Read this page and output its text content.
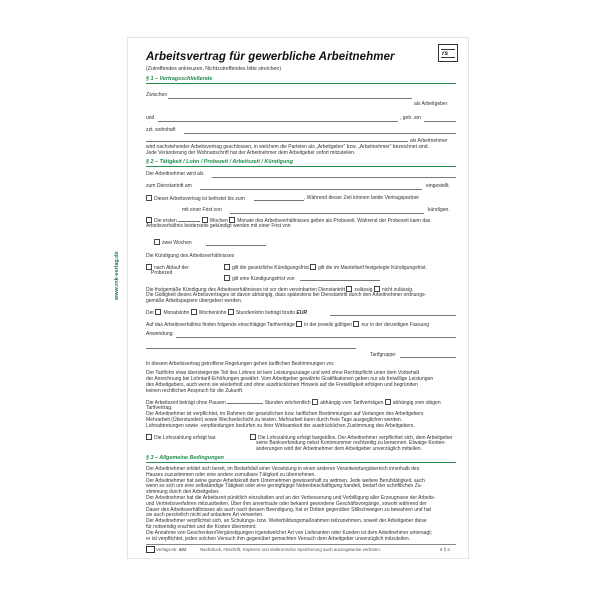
www.rnk-verlag.de
Arbeitsvertrag für gewerbliche Arbeitnehmer
(Zutreffendes ankreuzen, Nichtzutreffendes bitte streichen)
rs
§ 1 – Vertragsschließende
Zwischen
als Arbeitgeber
und	, geb. am
zzt. wohnhaft
als Arbeitnehmer
wird nachstehender Arbeitsvertrag geschlossen, in welchem die Parteien als „Arbeitgeber“ bzw. „Arbeitnehmer“ bezeichnet sind.
Jede Veränderung der Wohnanschrift hat der Arbeitnehmer dem Arbeitgeber sofort mitzuteilen.
§ 2 – Tätigkeit / Lohn / Probezeit / Arbeitszeit / Kündigung
Der Arbeitnehmer wird als
zum Dienstantritt am	eingestellt.
Dieser Arbeitsvertrag ist befristet bis zum	. Während dieser Zeit können beide Vertragspartner
mit einer Frist von	kündigen.
Die ersten	Wochen Monate des Arbeitsverhältnisses gelten als Probezeit. Während der Probezeit kann das
Arbeitsverhältnis beiderseits gekündigt werden mit einer Frist von
zwei Wochen
Die Kündigung des Arbeitsverhältnisses
nach Ablauf der
Probezeit
gilt die gesetzliche Kündigungsfrist.	gilt die im Manteltarif festgelegte Kündigungsfrist.
gilt eine Kündigungsfrist von
Die fristgemäße Kündigung des Arbeitsverhältnisses ist vor dem vereinbarten Dienstantritt zulässig nicht zulässig.
Die Gültigkeit dieses Arbeitsvertrages ist davon abhängig, dass spätestens bei Dienstantritt durch den Arbeitnehmer ordnungs-
gemäße Arbeitspapiere übergeben werden.
Der Monatslohn Wochenlohn Stundenlohn beträgt brutto EUR
Auf das Arbeitsverhältnis finden folgende einschlägige Tarifverträge in der jeweils gültigen nur in der derzeitigen Fassung
Anwendung:
Tarifgruppe:
In diesem Arbeitsvertrag getroffene Regelungen gehen tariflichen Bestimmungen vor.
Der Tariflohn etwa übersteigende Teil des Lohnes ist kein Leistungszulage und wird ohne Rechtspflicht unter dem Vorbehalt
der Anrechnung bei Lohntarif-Erhöhungen gewährt. Vom Arbeitgeber gewährte Gratifikationen geben nur als freiwillige Leistungen
des Arbeitgebers, auch wenn sie wiederholt und ohne ausdrücklichen Hinweis auf die Freiwilligkeit erfolgen und begründen
keinen rechtlichen Anspruch für die Zukunft.
Die Arbeitszeit beträgt ohne Pausen	Stunden wöchentlich abhängig vom Tarifverträgen abhängig vom obigen
Tarifvertrag.
Der Arbeitnehmer ist verpflichtet, im Rahmen der gesetzlichen bzw. tariflichen Bestimmungen auf Verlangen des Arbeitgebers
Mehrarbeit (Überstunden) sowie Wechselschicht zu leisten. Mehrarbeit kann durch freie Tage ausgeglichen werden.
Lohnabtretungen sowie -verpfändungen bedürfen zu ihrer Wirksamkeit der ausdrücklichen Zustimmung des Arbeitgebers.
Die Lohnzahlung erfolgt bar.	Die Lohnzahlung erfolgt bargeldlos. Der Arbeitnehmer verpflichtet sich, dem Arbeitgeber
seine Bankverbindung nebst Kontonummer rechtzeitig zu benennen. Etwaige Konten-
änderungen wird der Arbeitnehmer dem Arbeitgeber unverzüglich mitteilen.
§ 3 – Allgemeine Bedingungen
Der Arbeitnehmer erklärt sich bereit, im Bedarfsfall einer Versetzung in einen anderen Verantwortungsbereich innerhalb des
Hauses zuzustimmen oder eine andere zumutbare Tätigkeit zu übernehmen.
Der Arbeitnehmer hat seine ganze Arbeitskraft dem Unternehmen gewissenhaft zu widmen. Jede weitere Berufstätigkeit, auch
wenn es sich um eine selbständige Tätigkeit oder eine geringfügige Nebenbeschäftigung handelt, bedarf der schriftlichen Zu-
stimmung durch den Arbeitgeber.
Der Arbeitnehmer hat die Arbeitszeit pünktlich einzuhalten und an der Verbesserung und Verbilligung aller Erzeugnisse der Arbeits-
und Vertriebsverfahren mitzuarbeiten. Über ihm anvertraute oder bekannt gewordene Geschäftsvorgänge, sowohl während der
Dauer des Arbeitsverhältnisses als auch nach dessen Beendigung, hat er Dritten gegenüber Stillschweigen zu bewahren und hat
sie auch persönlich nicht auf unlautere Art verwerten.
Der Arbeitnehmer verpflichtet sich, an Schulungs- bzw. Weiterbildungsmaßnahmen teilzunehmen, soweit der Arbeitgeber diese
für notwendig erachtet und die Kosten übernimmt.
Die Annahme von Geschenken/Vergünstigungen irgendwelcher Art von Lieferanten oder Kunden ist dem Arbeitnehmer untersagt;
er ist verpflichtet, jeden solchen Versuch ihm gegenüber gemachten Versuch dem Arbeitgeber unverzüglich mitzuteilen.
Verlags-Nr. 502	Nachdruck, Abschrift, Kopieren und elektronische Speicherung auch auszugsweise verboten.	6 § 5
